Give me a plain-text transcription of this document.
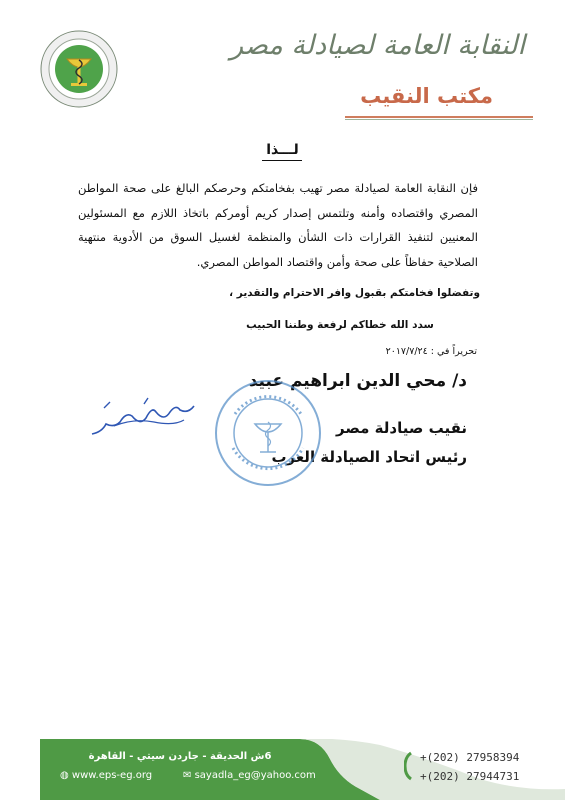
النقابة العامة لصيادلة مصر
مكتب النقيب
لـــذا
فإن النقابة العامة لصيادلة مصر تهيب بفخامتكم وحرصكم البالغ على صحة المواطن المصري واقتصاده وأمنه وتلتمس إصدار كريم أومركم باتخاذ اللازم مع المسئولين المعنيين لتنفيذ القرارات ذات الشأن والمنظمة لغسيل السوق من الأدوية منتهية الصلاحية حفاظاً على صحة وأمن واقتصاد المواطن المصري.
وتفضلوا فخامتكم بقبول وافر الاحترام والتقدير ،
سدد الله خطاكم لرفعة وطننا الحبيب
تحريراً في : ٢٠١٧/٧/٢٤
د/ محي الدين ابراهيم عبيد
نقيب صيادلة مصر
رئيس اتحاد الصيادلة العرب
6ش الحديقة - جاردن سيتي - القاهرة
◍ www.eps-eg.org	✉ sayadla_eg@yahoo.com
+(202) 27958394
+(202) 27944731
